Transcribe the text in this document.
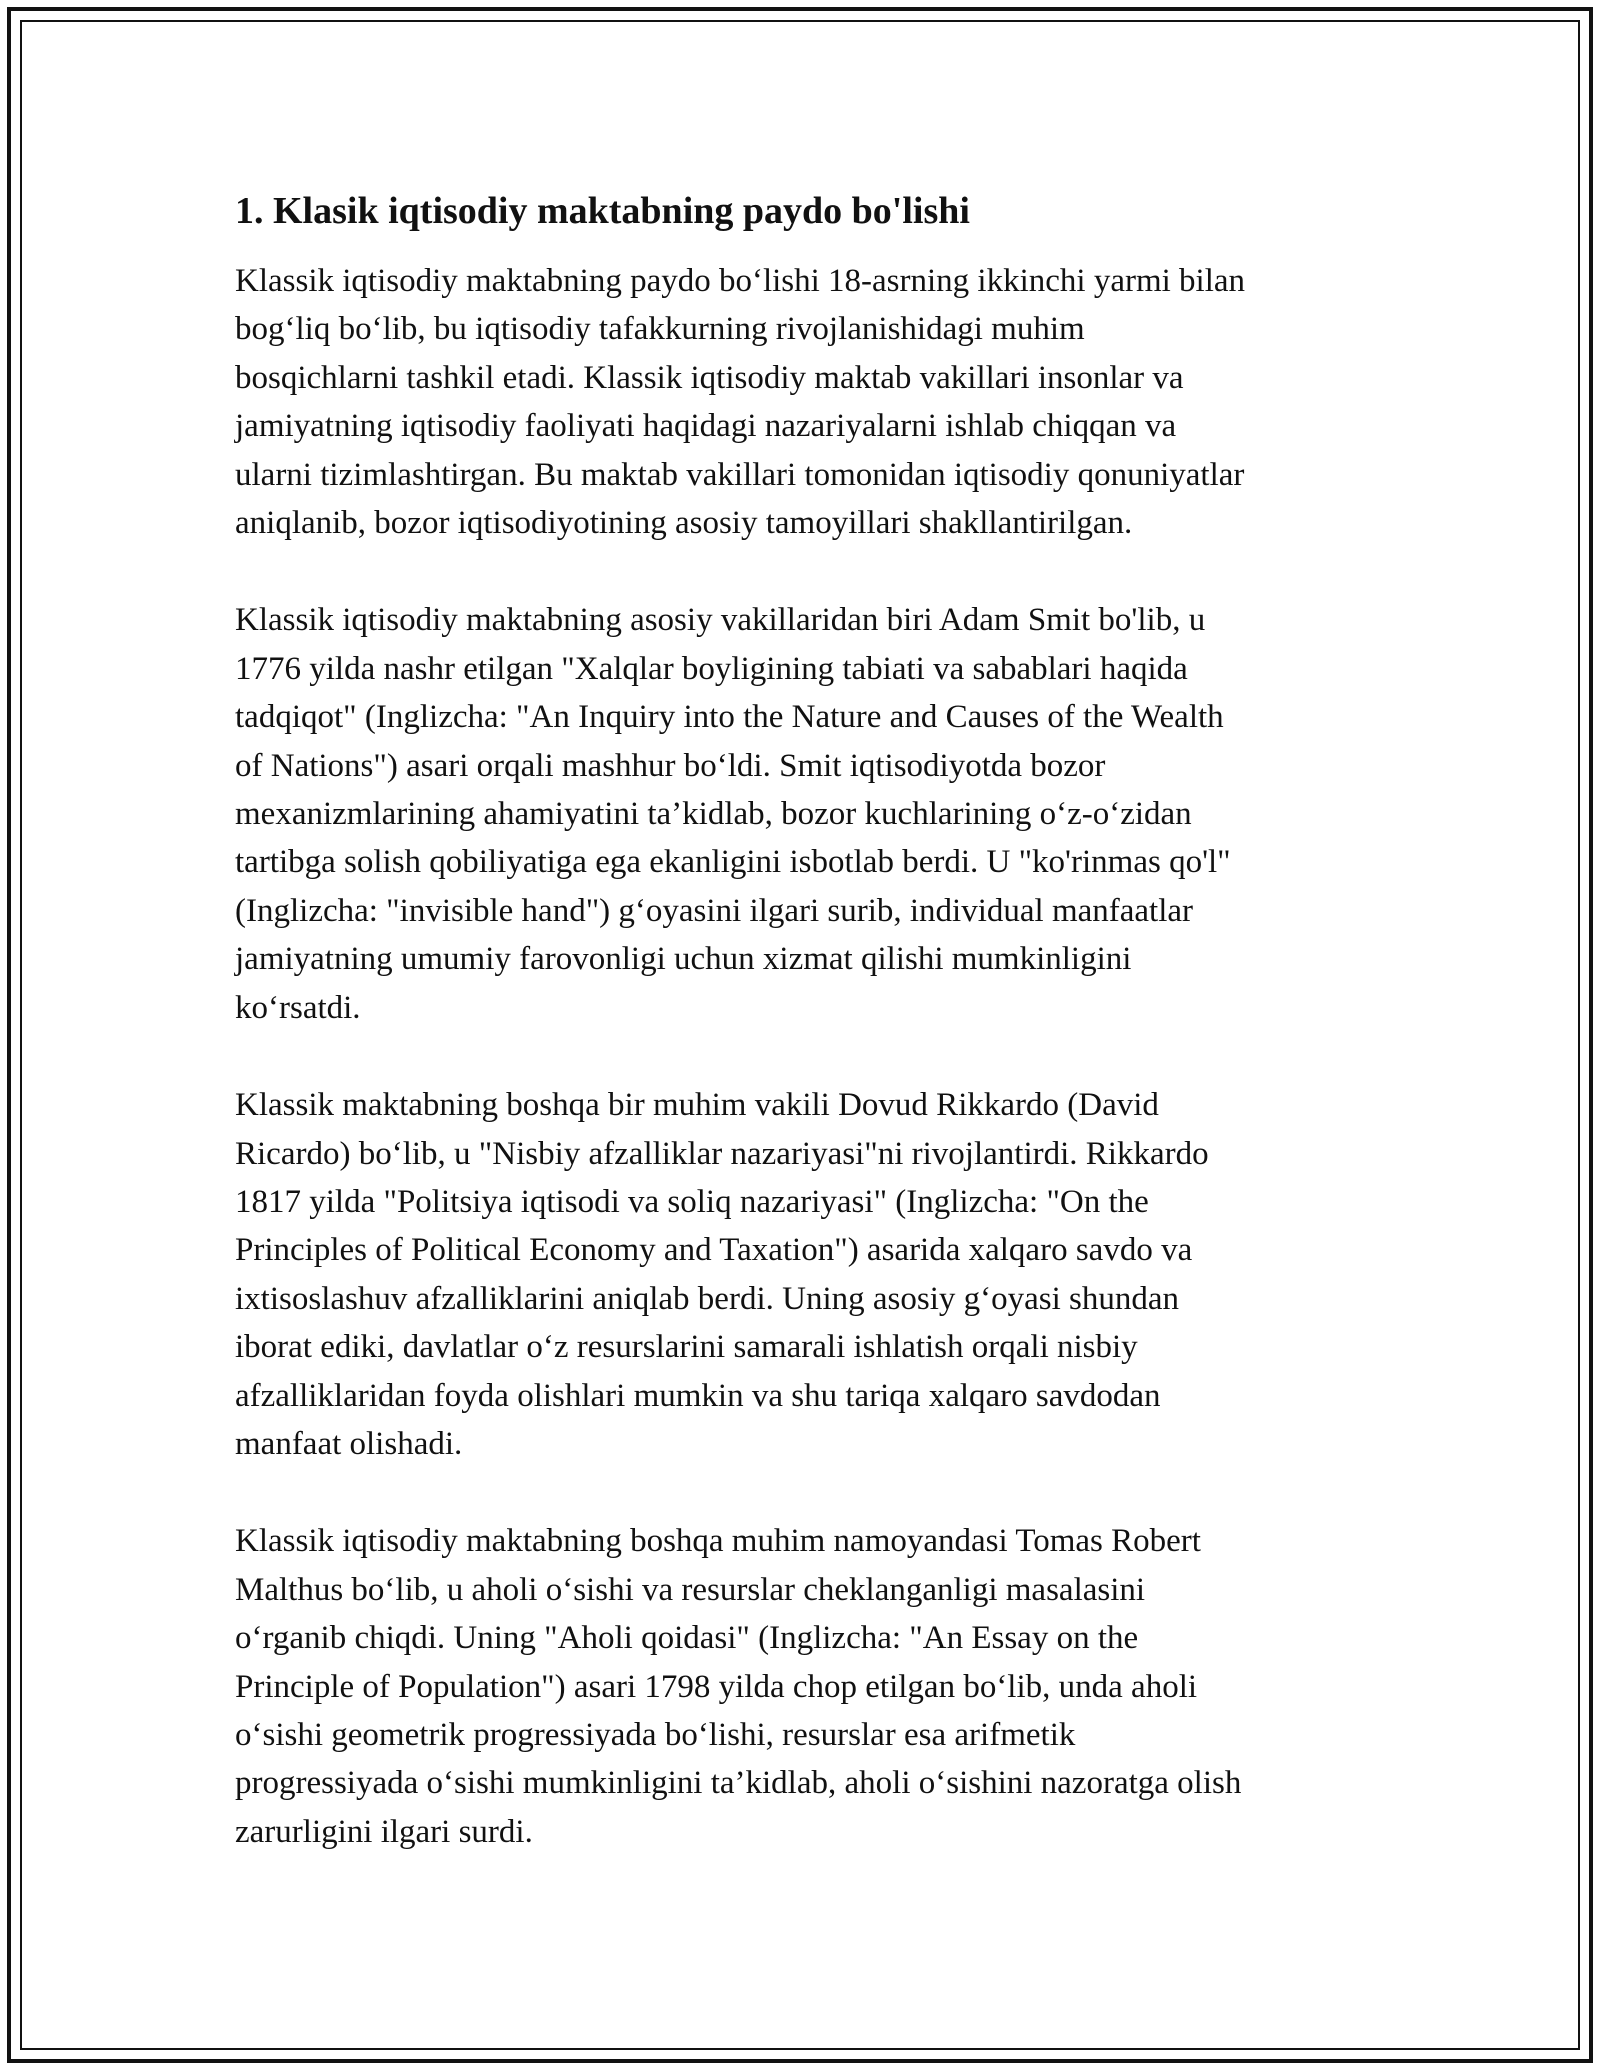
1. Klasik iqtisodiy maktabning paydo bo'lishi

Klassik iqtisodiy maktabning paydo bo‘lishi 18-asrning ikkinchi yarmi bilan
bog‘liq bo‘lib, bu iqtisodiy tafakkurning rivojlanishidagi muhim
bosqichlarni tashkil etadi. Klassik iqtisodiy maktab vakillari insonlar va
jamiyatning iqtisodiy faoliyati haqidagi nazariyalarni ishlab chiqqan va
ularni tizimlashtirgan. Bu maktab vakillari tomonidan iqtisodiy qonuniyatlar
aniqlanib, bozor iqtisodiyotining asosiy tamoyillari shakllantirilgan.

Klassik iqtisodiy maktabning asosiy vakillaridan biri Adam Smit bo'lib, u
1776 yilda nashr etilgan "Xalqlar boyligining tabiati va sabablari haqida
tadqiqot" (Inglizcha: "An Inquiry into the Nature and Causes of the Wealth
of Nations") asari orqali mashhur bo‘ldi. Smit iqtisodiyotda bozor
mexanizmlarining ahamiyatini ta’kidlab, bozor kuchlarining o‘z-o‘zidan
tartibga solish qobiliyatiga ega ekanligini isbotlab berdi. U "ko'rinmas qo'l"
(Inglizcha: "invisible hand") g‘oyasini ilgari surib, individual manfaatlar
jamiyatning umumiy farovonligi uchun xizmat qilishi mumkinligini
ko‘rsatdi.

Klassik maktabning boshqa bir muhim vakili Dovud Rikkardo (David
Ricardo) bo‘lib, u "Nisbiy afzalliklar nazariyasi"ni rivojlantirdi. Rikkardo
1817 yilda "Politsiya iqtisodi va soliq nazariyasi" (Inglizcha: "On the
Principles of Political Economy and Taxation") asarida xalqaro savdo va
ixtisoslashuv afzalliklarini aniqlab berdi. Uning asosiy g‘oyasi shundan
iborat ediki, davlatlar o‘z resurslarini samarali ishlatish orqali nisbiy
afzalliklaridan foyda olishlari mumkin va shu tariqa xalqaro savdodan
manfaat olishadi.

Klassik iqtisodiy maktabning boshqa muhim namoyandasi Tomas Robert
Malthus bo‘lib, u aholi o‘sishi va resurslar cheklanganligi masalasini
o‘rganib chiqdi. Uning "Aholi qoidasi" (Inglizcha: "An Essay on the
Principle of Population") asari 1798 yilda chop etilgan bo‘lib, unda aholi
o‘sishi geometrik progressiyada bo‘lishi, resurslar esa arifmetik
progressiyada o‘sishi mumkinligini ta’kidlab, aholi o‘sishini nazoratga olish
zarurligini ilgari surdi.
